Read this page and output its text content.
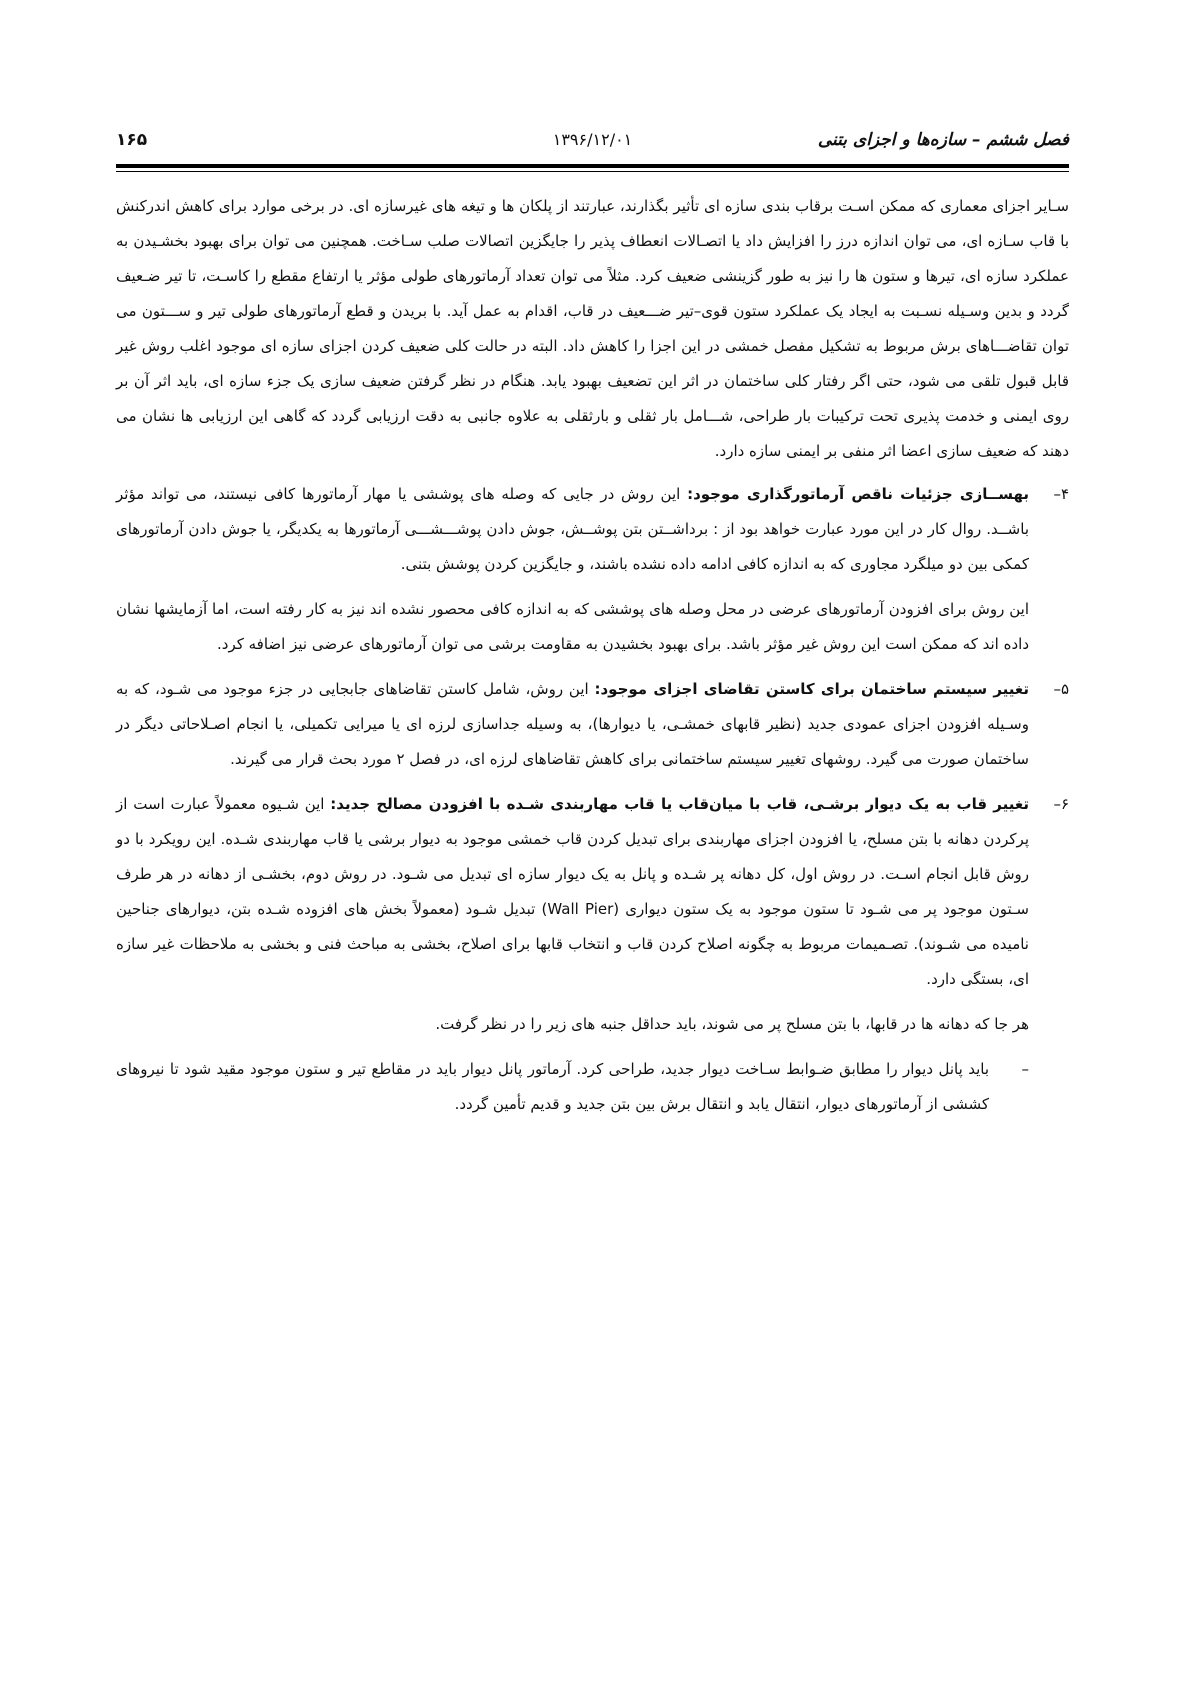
فصل ششم – سازه‌ها و اجزای بتنی
۱۳۹۶/۱۲/۰۱
۱۶۵

سـایر اجزای معماری که ممکن اسـت برقاب بندی سازه ای تأثیر بگذارند، عبارتند از پلکان ها و تیغه های غیرسازه ای. در برخی موارد برای کاهش اندرکنش با قاب سـازه ای، می توان اندازه درز را افزایش داد یا اتصـالات انعطاف پذیر را جایگزین اتصالات صلب سـاخت. همچنین می توان برای بهبود بخشـیدن به عملکرد سازه ای، تیرها و ستون ها را نیز به طور گزینشی ضعیف کرد. مثلاً می توان تعداد آرماتورهای طولی مؤثر یا ارتفاع مقطع را کاسـت، تا تیر ضـعیف گردد و بدین وسـیله نسـبت به ایجاد یک عملکرد ستون قوی–تیر ضـــعیف در قاب، اقدام به عمل آید. با بریدن و قطع آرماتورهای طولی تیر و ســـتون می توان تقاضـــاهای برش مربوط به تشکیل مفصل خمشی در این اجزا را کاهش داد. البته در حالت کلی ضعیف کردن اجزای سازه ای موجود اغلب روش غیر قابل قبول تلقی می شود، حتی اگر رفتار کلی ساختمان در اثر این تضعیف بهبود یابد. هنگام در نظر گرفتن ضعیف سازی یک جزء سازه ای، باید اثر آن بر روی ایمنی و خدمت پذیری تحت ترکیبات بار طراحی، شـــامل بار ثقلی و بارثقلی به علاوه جانبی به دقت ارزیابی گردد که گاهی این ارزیابی ها نشان می دهند که ضعیف سازی اعضا اثر منفی بر ایمنی سازه دارد.

۴–
بهســازی جزئیات ناقص آرماتورگذاری موجود: این روش در جایی که وصله های پوششی یا مهار آرماتورها کافی نیستند، می تواند مؤثر باشــد. روال کار در این مورد عبارت خواهد بود از : برداشــتن بتن پوشــش، جوش دادن پوشـــشـــی آرماتورها به یکدیگر، یا جوش دادن آرماتورهای کمکی بین دو میلگرد مجاوری که به اندازه کافی ادامه داده نشده باشند، و جایگزین کردن پوشش بتنی.

این روش برای افزودن آرماتورهای عرضی در محل وصله های پوششی که به اندازه کافی محصور نشده اند نیز به کار رفته است، اما آزمایشها نشان داده اند که ممکن است این روش غیر مؤثر باشد. برای بهبود بخشیدن به مقاومت برشی می توان آرماتورهای عرضی نیز اضافه کرد.

۵–
تغییر سیستم ساختمان برای کاستن تقاضای اجزای موجود: این روش، شامل کاستن تقاضاهای جابجایی در جزء موجود می شـود، که به وسـیله افزودن اجزای عمودی جدید (نظیر قابهای خمشـی، یا دیوارها)، به وسیله جداسازی لرزه ای یا میرایی تکمیلی، یا انجام اصـلاحاتی دیگر در ساختمان صورت می گیرد. روشهای تغییر سیستم ساختمانی برای کاهش تقاضاهای لرزه ای، در فصل ۲ مورد بحث قرار می گیرند.
۶–
تغییر قاب به یک دیوار برشـی، قاب با میان‌قاب یا قاب مهاربندی شـده با افزودن مصالح جدید: این شـیوه معمولاً عبارت است از پرکردن دهانه با بتن مسلح، یا افزودن اجزای مهاربندی برای تبدیل کردن قاب خمشی موجود به دیوار برشی یا قاب مهاربندی شـده. این رویکرد با دو روش قابل انجام اسـت. در روش اول، کل دهانه پر شـده و پانل به یک دیوار سازه ای تبدیل می شـود. در روش دوم، بخشـی از دهانه در هر طرف سـتون موجود پر می شـود تا ستون موجود به یک ستون دیواری (Wall Pier) تبدیل شـود (معمولاً بخش های افزوده شـده بتن، دیوارهای جناحین نامیده می شـوند). تصـمیمات مربوط به چگونه اصلاح کردن قاب و انتخاب قابها برای اصلاح، بخشی به مباحث فنی و بخشی به ملاحظات غیر سازه ای، بستگی دارد.

هر جا که دهانه ها در قابها، با بتن مسلح پر می شوند، باید حداقل جنبه های زیر را در نظر گرفت.

–
باید پانل دیوار را مطابق ضـوابط سـاخت دیوار جدید، طراحی کرد. آرماتور پانل دیوار باید در مقاطع تیر و ستون موجود مقید شود تا نیروهای کششی از آرماتورهای دیوار، انتقال یابد و انتقال برش بین بتن جدید و قدیم تأمین گردد.
